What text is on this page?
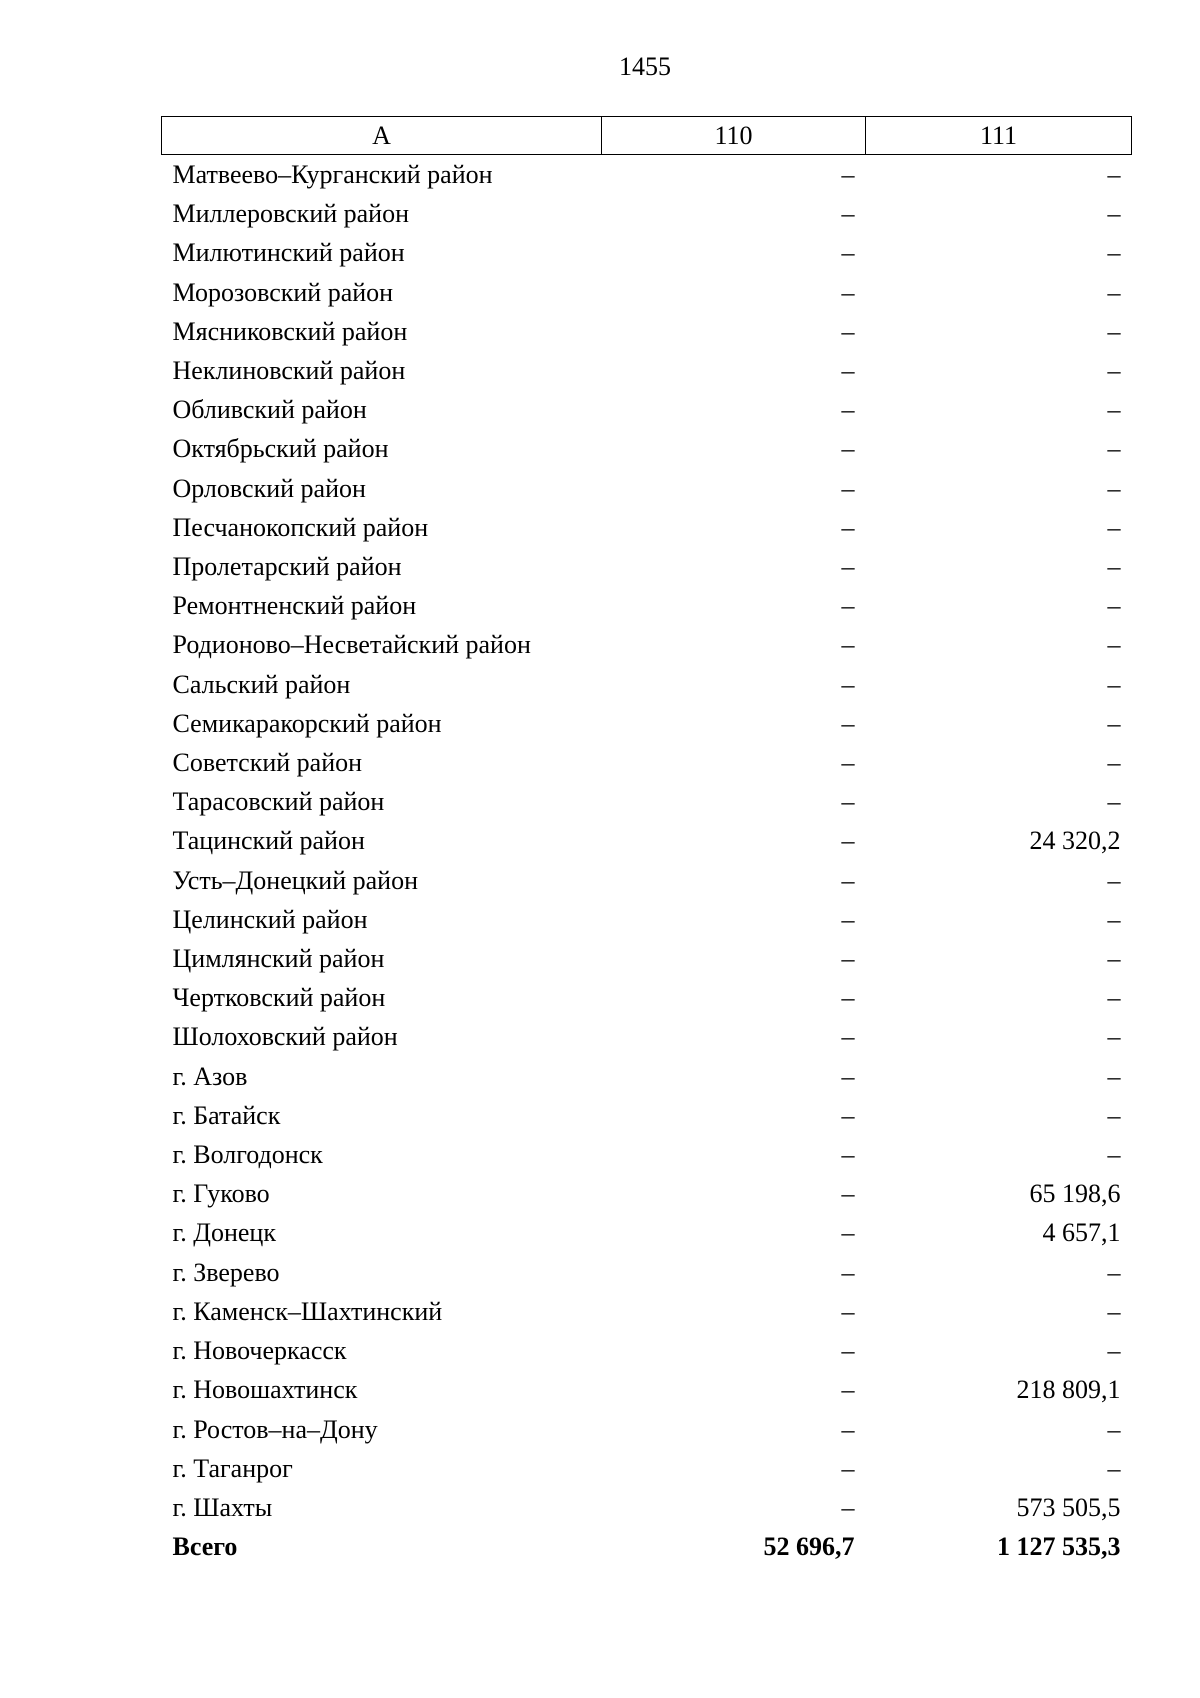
1455
А	110	111
Матвеево–Курганский район	–	–
Миллеровский район	–	–
Милютинский район	–	–
Морозовский район	–	–
Мясниковский район	–	–
Неклиновский район	–	–
Обливский район	–	–
Октябрьский район	–	–
Орловский район	–	–
Песчанокопский район	–	–
Пролетарский район	–	–
Ремонтненский район	–	–
Родионово–Несветайский район	–	–
Сальский район	–	–
Семикаракорский район	–	–
Советский район	–	–
Тарасовский район	–	–
Тацинский район	–	24 320,2
Усть–Донецкий район	–	–
Целинский район	–	–
Цимлянский район	–	–
Чертковский район	–	–
Шолоховский район	–	–
г. Азов	–	–
г. Батайск	–	–
г. Волгодонск	–	–
г. Гуково	–	65 198,6
г. Донецк	–	4 657,1
г. Зверево	–	–
г. Каменск–Шахтинский	–	–
г. Новочеркасск	–	–
г. Новошахтинск	–	218 809,1
г. Ростов–на–Дону	–	–
г. Таганрог	–	–
г. Шахты	–	573 505,5
Всего	52 696,7	1 127 535,3
